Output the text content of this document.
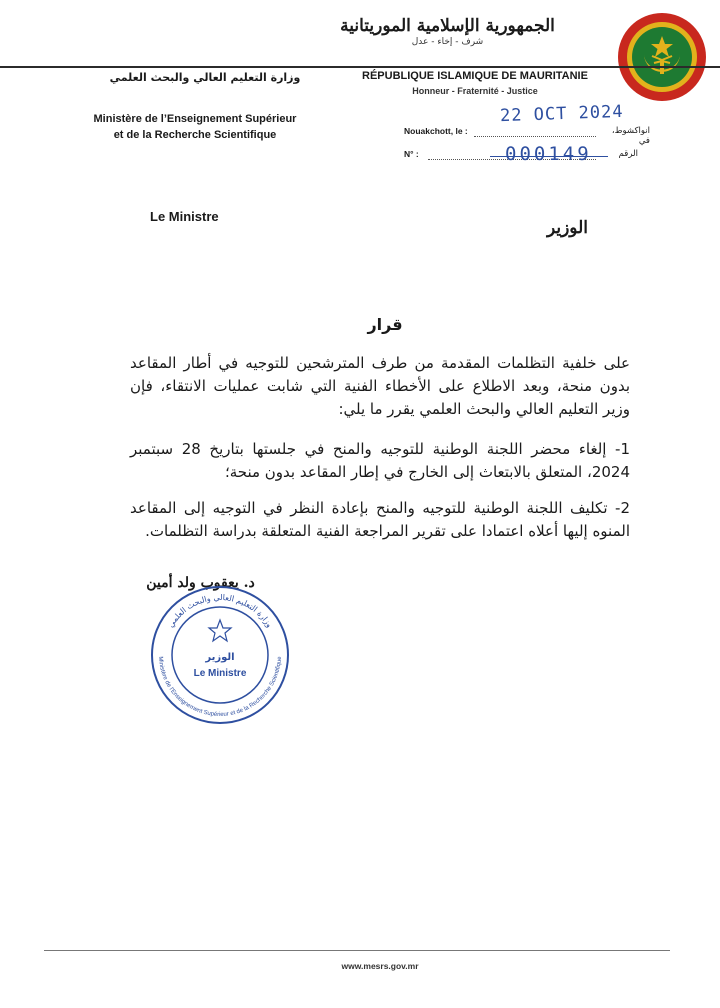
الجمهورية الإسلامية الموريتانية
شرف - إخاء - عدل
RÉPUBLIQUE ISLAMIQUE DE MAURITANIE
Honneur - Fraternité - Justice
وزارة التعليم العالي والبحث العلمي
Ministère de l’Enseignement Supérieur
et de la Recherche Scientifique	Nouakchott, le :	انواكشوط، في
22 OCT 2024
N° :	الرقم
000149
Le Ministre
الوزير
قرار
على خلفية التظلمات المقدمة من طرف المترشحين للتوجيه في أطار المقاعد بدون منحة، وبعد الاطلاع على الأخطاء الفنية التي شابت عمليات الانتقاء، فإن وزير التعليم العالي والبحث العلمي يقرر ما يلي:
1- إلغاء محضر اللجنة الوطنية للتوجيه والمنح في جلستها بتاريخ 28 سبتمبر 2024، المتعلق بالابتعاث إلى الخارج في إطار المقاعد بدون منحة؛
2- تكليف اللجنة الوطنية للتوجيه والمنح بإعادة النظر في التوجيه إلى المقاعد المنوه إليها أعلاه اعتمادا على تقرير المراجعة الفنية المتعلقة بدراسة التظلمات.
د. يعقوب ولد أمين
وزارة التعليم العالي والبحث العلمي
Ministère de l'Enseignement Supérieur et de la Recherche Scientifique
الوزير
Le Ministre
www.mesrs.gov.mr
